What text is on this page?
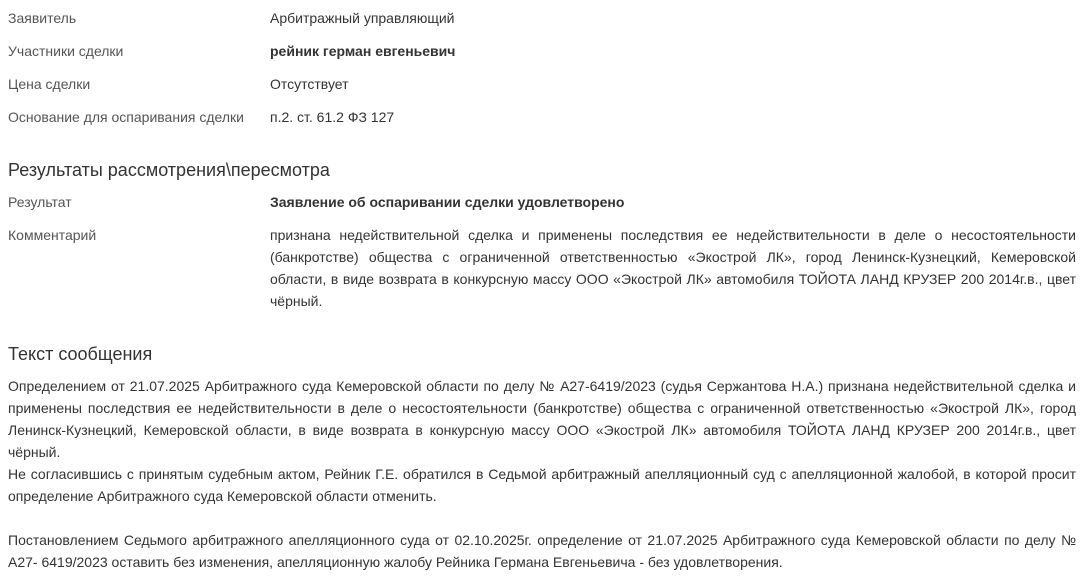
Заявитель	Арбитражный управляющий
Участники сделки	рейник герман евгеньевич
Цена сделки	Отсутствует
Основание для оспаривания сделки	п.2. ст. 61.2 ФЗ 127
Результаты рассмотрения\пересмотра
Результат	Заявление об оспаривании сделки удовлетворено
Комментарий	признана недействительной сделка и применены последствия ее недействительности в деле о несостоятельности (банкротстве) общества с ограниченной ответственностью «Экострой ЛК», город Ленинск-Кузнецкий, Кемеровской области, в виде возврата в конкурсную массу ООО «Экострой ЛК» автомобиля ТОЙОТА ЛАНД КРУЗЕР 200 2014г.в., цвет чёрный.
Текст сообщения

Определением от 21.07.2025 Арбитражного суда Кемеровской области по делу № А27-6419/2023 (судья Сержантова Н.А.) признана недействительной сделка и применены последствия ее недействительности в деле о несостоятельности (банкротстве) общества с ограниченной ответственностью «Экострой ЛК», город Ленинск-Кузнецкий, Кемеровской области, в виде возврата в конкурсную массу ООО «Экострой ЛК» автомобиля ТОЙОТА ЛАНД КРУЗЕР 200 2014г.в., цвет чёрный.

Не согласившись с принятым судебным актом, Рейник Г.Е. обратился в Седьмой арбитражный апелляционный суд с апелляционной жалобой, в которой просит определение Арбитражного суда Кемеровской области отменить.

Постановлением Седьмого арбитражного апелляционного суда от 02.10.2025г. определение от 21.07.2025 Арбитражного суда Кемеровской области по делу № А27- 6419/2023 оставить без изменения, апелляционную жалобу Рейника Германа Евгеньевича - без удовлетворения.
